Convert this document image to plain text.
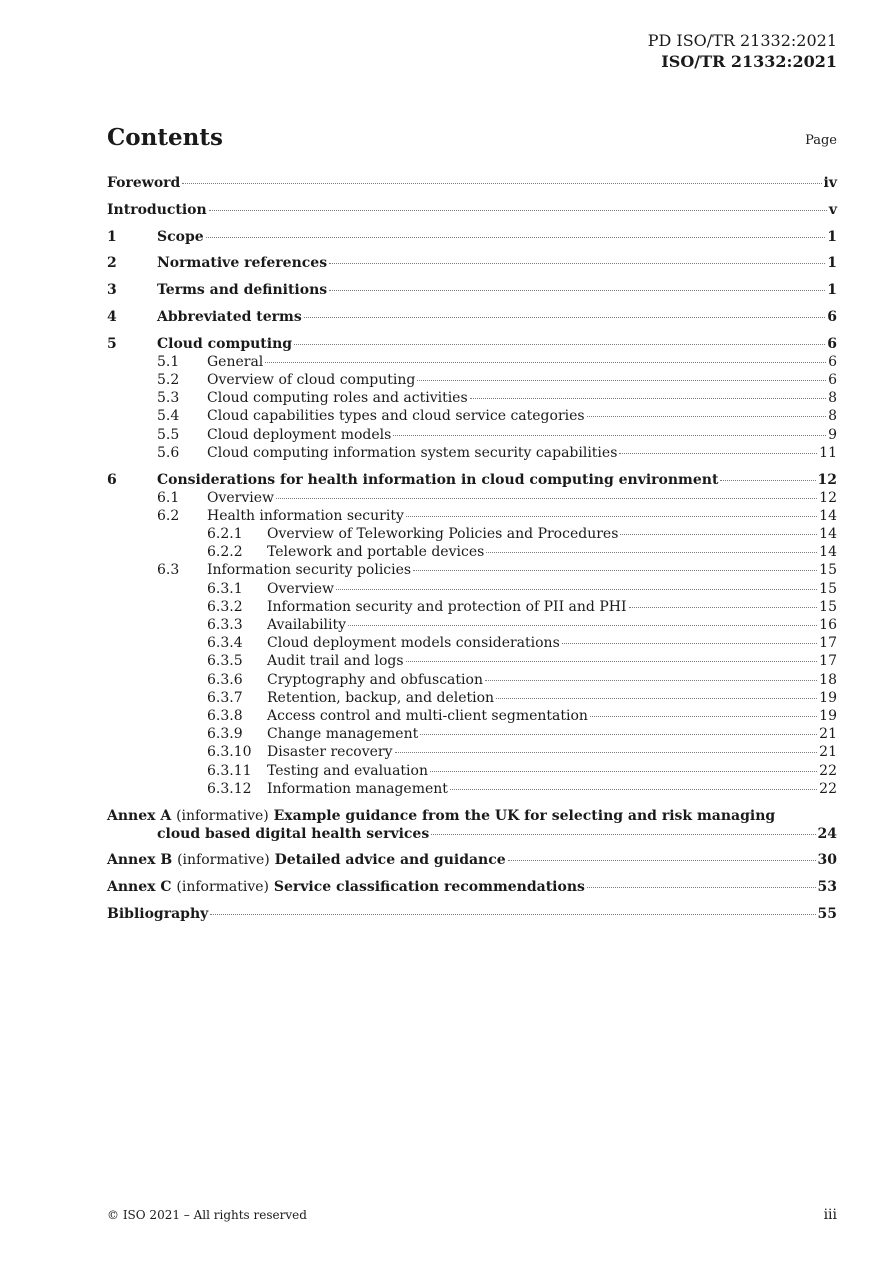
PD ISO/TR 21332:2021
ISO/TR 21332:2021
Contents	Page
Foreword	iv
Introduction	v
1	Scope	1
2	Normative references	1
3	Terms and definitions	1
4	Abbreviated terms	6
5	Cloud computing	6
5.1	General	6
5.2	Overview of cloud computing	6
5.3	Cloud computing roles and activities	8
5.4	Cloud capabilities types and cloud service categories	8
5.5	Cloud deployment models	9
5.6	Cloud computing information system security capabilities	11
6	Considerations for health information in cloud computing environment	12
6.1	Overview	12
6.2	Health information security	14
6.2.1	Overview of Teleworking Policies and Procedures	14
6.2.2	Telework and portable devices	14
6.3	Information security policies	15
6.3.1	Overview	15
6.3.2	Information security and protection of PII and PHI	15
6.3.3	Availability	16
6.3.4	Cloud deployment models considerations	17
6.3.5	Audit trail and logs	17
6.3.6	Cryptography and obfuscation	18
6.3.7	Retention, backup, and deletion	19
6.3.8	Access control and multi-client segmentation	19
6.3.9	Change management	21
6.3.10	Disaster recovery	21
6.3.11	Testing and evaluation	22
6.3.12	Information management	22
Annex A (informative) Example guidance from the UK for selecting and risk managing
cloud based digital health services	24
Annex B (informative) Detailed advice and guidance	30
Annex C (informative) Service classification recommendations	53
Bibliography	55
© ISO 2021 – All rights reserved	iii
